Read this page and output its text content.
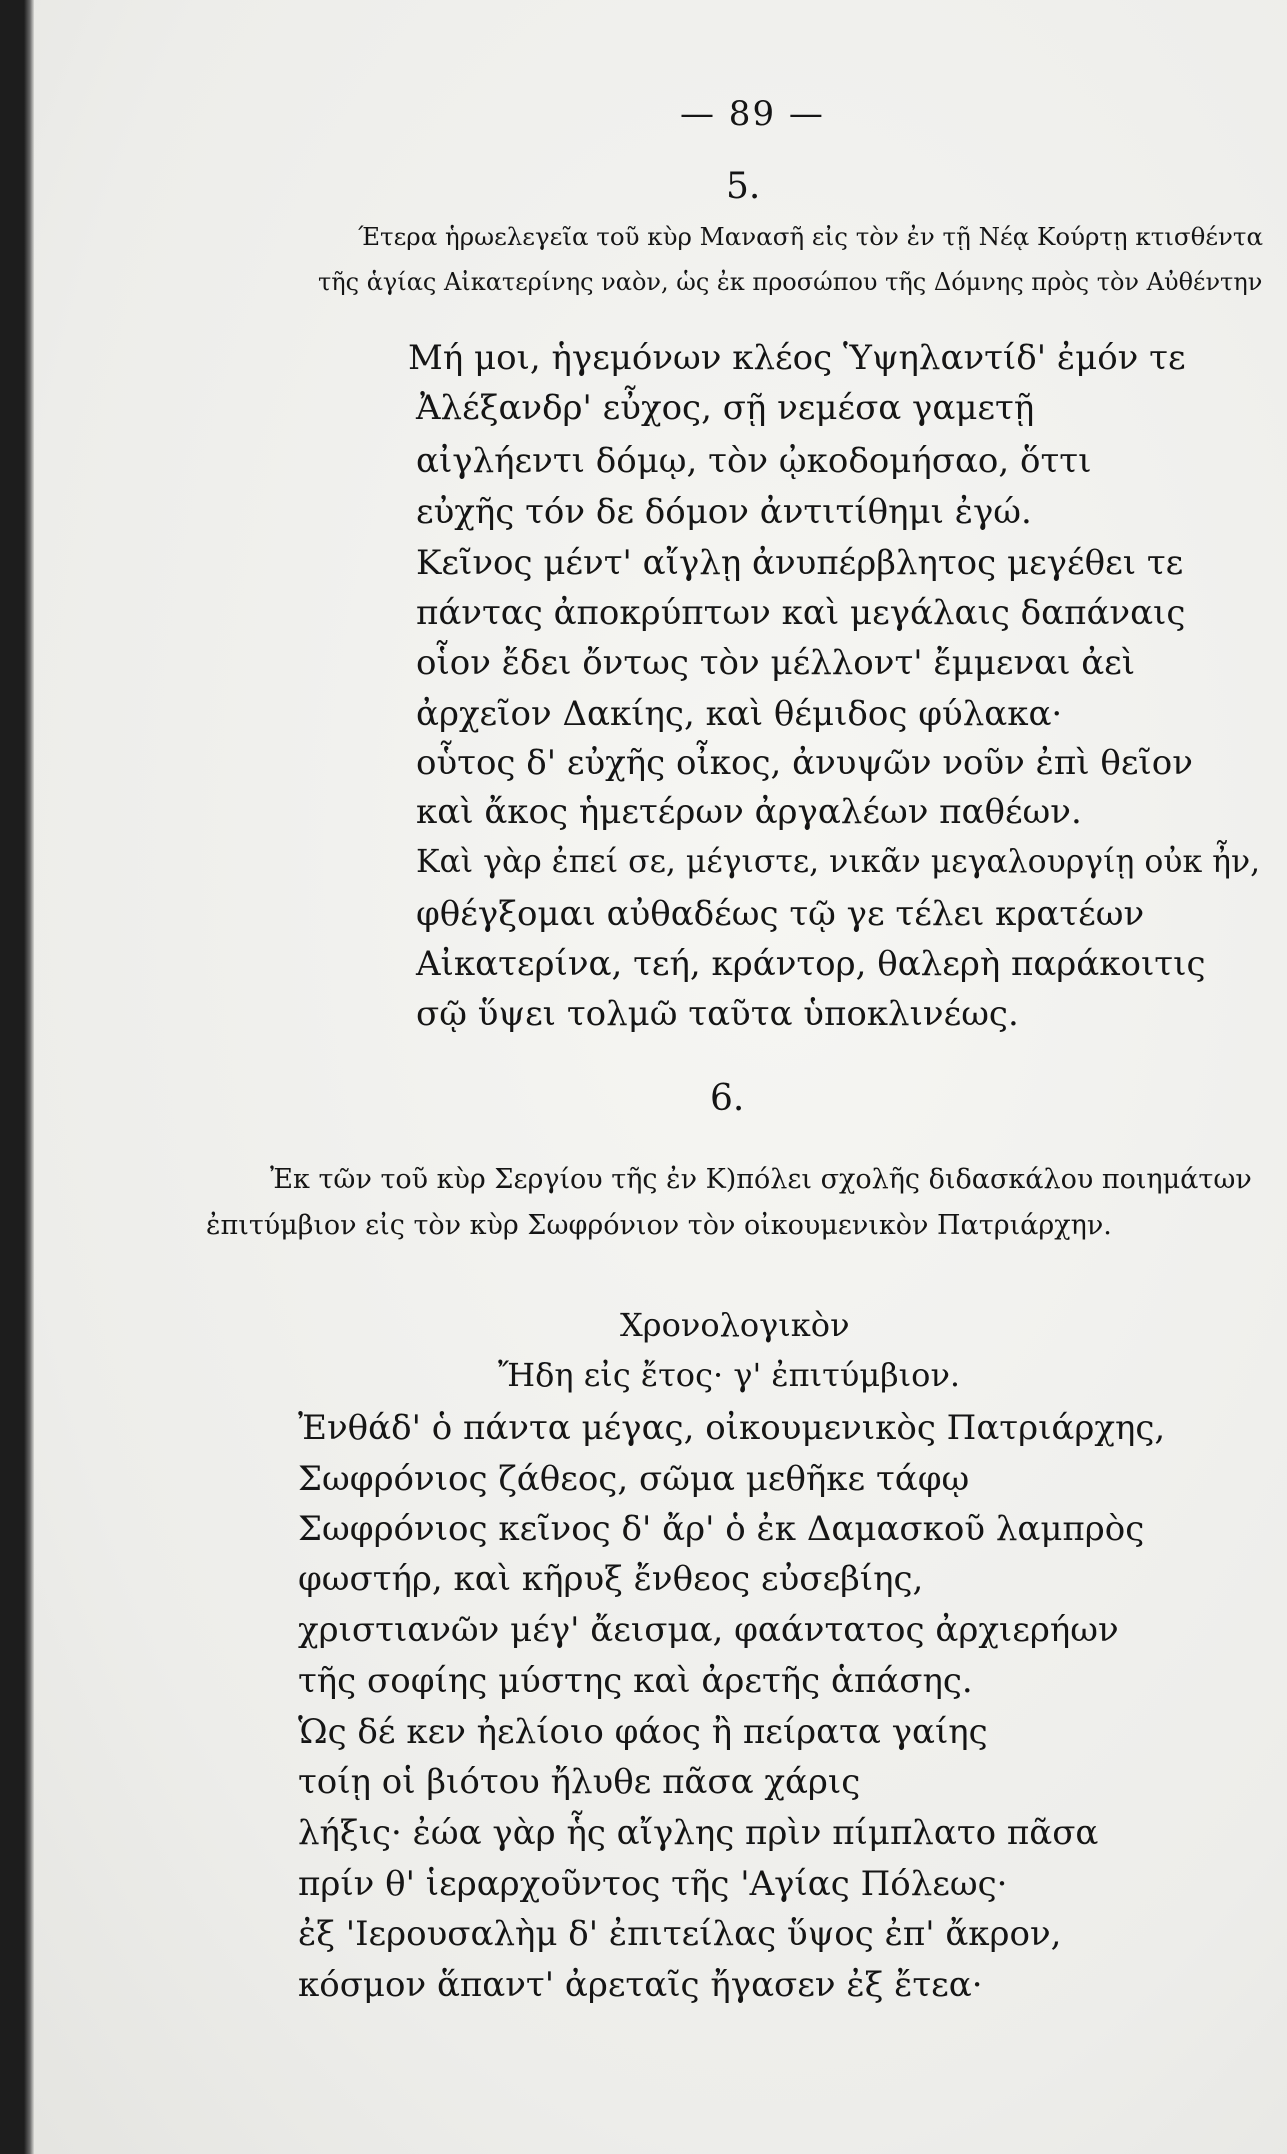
— 89 —
5.
Έτερα ἡρωελεγεῖα τοῦ κὺρ Μανασῆ εἰς τὸν ἐν τῇ Νέᾳ Κούρτῃ κτισθέντα
τῆς ἁγίας Αἰκατερίνης ναὸν, ὡς ἐκ προσώπου τῆς Δόμνης πρὸς τὸν Αὐθέντην
Μή μοι, ἡγεμόνων κλέος Ὑψηλαντίδ' ἐμόν τε
Ἀλέξανδρ' εὖχος, σῇ νεμέσα γαμετῇ
αἰγλήεντι δόμῳ, τὸν ᾠκοδομήσαο, ὅττι
εὐχῆς τόν δε δόμον ἀντιτίθημι ἐγώ.
Κεῖνος μέντ' αἴγλῃ ἀνυπέρβλητος μεγέθει τε
πάντας ἀποκρύπτων καὶ μεγάλαις δαπάναις
οἷον ἔδει ὄντως τὸν μέλλοντ' ἔμμεναι ἀεὶ
ἀρχεῖον Δακίης, καὶ θέμιδος φύλακα·
οὗτος δ' εὐχῆς οἶκος, ἀνυψῶν νοῦν ἐπὶ θεῖον
καὶ ἄκος ἡμετέρων ἀργαλέων παθέων.
Καὶ γὰρ ἐπεί σε, μέγιστε, νικᾶν μεγαλουργίῃ οὐκ ἦν,
φθέγξομαι αὐθαδέως τῷ γε τέλει κρατέων
Αἰκατερίνα, τεή, κράντορ, θαλερὴ παράκοιτις
σῷ ὕψει τολμῶ ταῦτα ὑποκλινέως.
6.
Ἐκ τῶν τοῦ κὺρ Σεργίου τῆς ἐν Κ)πόλει σχολῆς διδασκάλου ποιημάτων
ἐπιτύμβιον εἰς τὸν κὺρ Σωφρόνιον τὸν οἰκουμενικὸν Πατριάρχην.
Χρονολογικὸν
Ἤδη εἰς ἔτος· γ' ἐπιτύμβιον.
Ἐνθάδ' ὁ πάντα μέγας, οἰκουμενικὸς Πατριάρχης,
Σωφρόνιος ζάθεος, σῶμα μεθῆκε τάφῳ
Σωφρόνιος κεῖνος δ' ἄρ' ὁ ἐκ Δαμασκοῦ λαμπρὸς
φωστήρ, καὶ κῆρυξ ἔνθεος εὐσεβίης,
χριστιανῶν μέγ' ἄεισμα, φαάντατος ἀρχιερήων
τῆς σοφίης μύστης καὶ ἀρετῆς ἁπάσης.
Ὡς δέ κεν ἠελίοιο φάος ἢ πείρατα γαίης
τοίῃ οἱ βιότου ἤλυθε πᾶσα χάρις
λήξις· ἐώα γὰρ ἧς αἴγλης πρὶν πίμπλατο πᾶσα
πρίν θ' ἱεραρχοῦντος τῆς 'Αγίας Πόλεως·
ἐξ 'Ιερουσαλὴμ δ' ἐπιτείλας ὕψος ἐπ' ἄκρον,
κόσμον ἅπαντ' ἀρεταῖς ἤγασεν ἐξ ἔτεα·
